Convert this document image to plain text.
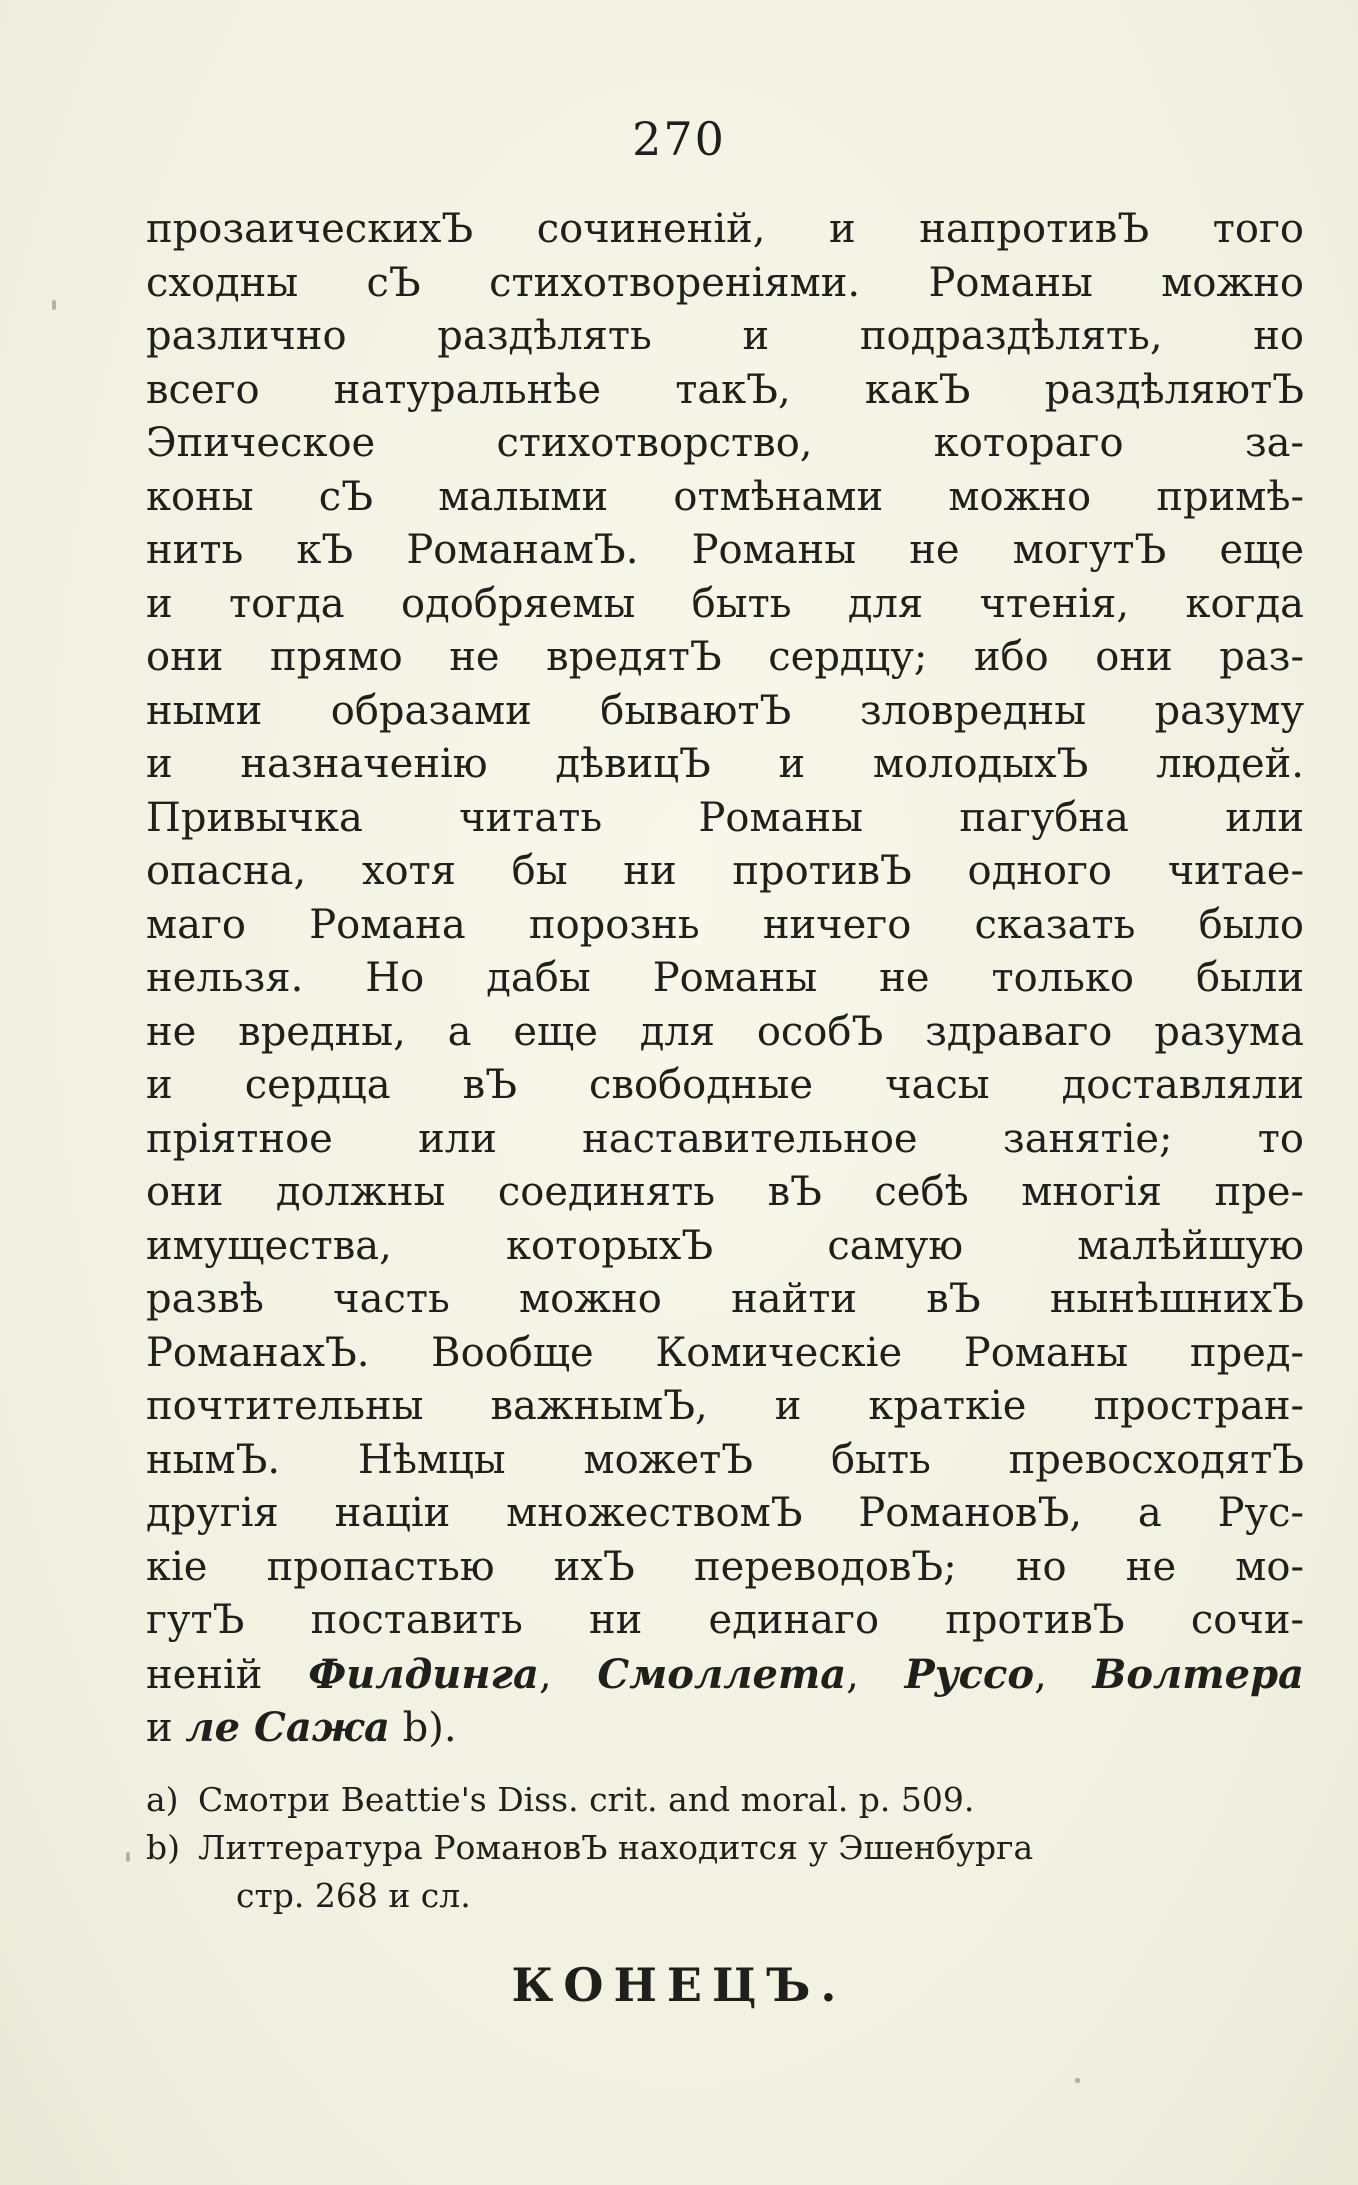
270
прозаическихЪ сочиненій, и напротивЪ того
сходны сЪ стихотвореніями. Романы можно
различно раздѣлять и подраздѣлять, но
всего натуральнѣе такЪ, какЪ раздѣляютЪ
Эпическое стихотворство, котораго за-
коны сЪ малыми отмѣнами можно примѣ-
нить кЪ РоманамЪ. Романы не могутЪ еще
и тогда одобряемы быть для чтенія, когда
они прямо не вредятЪ сердцу; ибо они раз-
ными образами бываютЪ зловредны разуму
и назначенію дѣвицЪ и молодыхЪ людей.
Привычка читать Романы пагубна или
опасна, хотя бы ни противЪ одного читае-
маго Романа порознь ничего сказать было
нельзя. Но дабы Романы не только были
не вредны, а еще для особЪ здраваго разума
и сердца вЪ свободные часы доставляли
пріятное или наставительное занятіе; то
они должны соединять вЪ себѣ многія пре-
имущества, которыхЪ самую малѣйшую
развѣ часть можно найти вЪ нынѣшнихЪ
РоманахЪ. Вообще Комическіе Романы пред-
почтительны важнымЪ, и краткіе простран-
нымЪ. Нѣмцы можетЪ быть превосходятЪ
другія націи множествомЪ РомановЪ, а Рус-
кіе пропастью ихЪ переводовЪ; но не мо-
гутЪ поставить ни единаго противЪ сочи-
неній Филдинга, Смоллета, Руссо, Волтера
и ле Сажа b).
a) Смотри Beattie's Diss. crit. and moral. p. 509.
b) Литтература РомановЪ находится у Эшенбурга
стр. 268 и сл.
КОНЕЦЪ.
